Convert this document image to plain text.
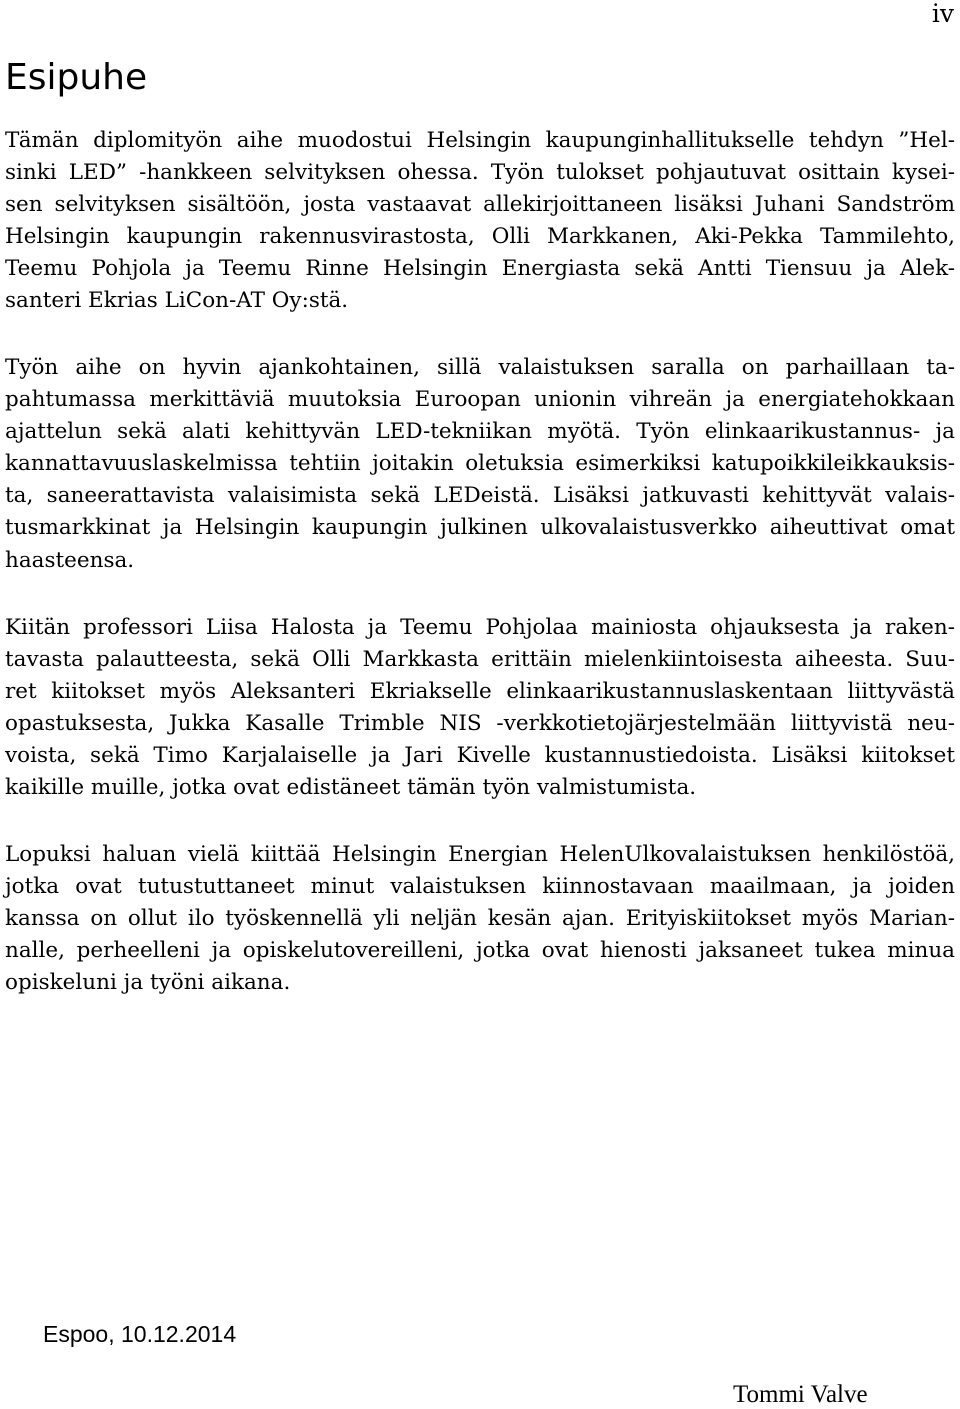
iv
Esipuhe
Tämän diplomityön aihe muodostui Helsingin kaupunginhallitukselle tehdyn ”Hel-
sinki LED” -hankkeen selvityksen ohessa. Työn tulokset pohjautuvat osittain kysei-
sen selvityksen sisältöön, josta vastaavat allekirjoittaneen lisäksi Juhani Sandström
Helsingin kaupungin rakennusvirastosta, Olli Markkanen, Aki-Pekka Tammilehto,
Teemu Pohjola ja Teemu Rinne Helsingin Energiasta sekä Antti Tiensuu ja Alek-
santeri Ekrias LiCon-AT Oy:stä.
Työn aihe on hyvin ajankohtainen, sillä valaistuksen saralla on parhaillaan ta-
pahtumassa merkittäviä muutoksia Euroopan unionin vihreän ja energiatehokkaan
ajattelun sekä alati kehittyvän LED-tekniikan myötä. Työn elinkaarikustannus- ja
kannattavuuslaskelmissa tehtiin joitakin oletuksia esimerkiksi katupoikkileikkauksis-
ta, saneerattavista valaisimista sekä LEDeistä. Lisäksi jatkuvasti kehittyvät valais-
tusmarkkinat ja Helsingin kaupungin julkinen ulkovalaistusverkko aiheuttivat omat
haasteensa.
Kiitän professori Liisa Halosta ja Teemu Pohjolaa mainiosta ohjauksesta ja raken-
tavasta palautteesta, sekä Olli Markkasta erittäin mielenkiintoisesta aiheesta. Suu-
ret kiitokset myös Aleksanteri Ekriakselle elinkaarikustannuslaskentaan liittyvästä
opastuksesta, Jukka Kasalle Trimble NIS -verkkotietojärjestelmään liittyvistä neu-
voista, sekä Timo Karjalaiselle ja Jari Kivelle kustannustiedoista. Lisäksi kiitokset
kaikille muille, jotka ovat edistäneet tämän työn valmistumista.
Lopuksi haluan vielä kiittää Helsingin Energian HelenUlkovalaistuksen henkilöstöä,
jotka ovat tutustuttaneet minut valaistuksen kiinnostavaan maailmaan, ja joiden
kanssa on ollut ilo työskennellä yli neljän kesän ajan. Erityiskiitokset myös Marian-
nalle, perheelleni ja opiskelutovereilleni, jotka ovat hienosti jaksaneet tukea minua
opiskeluni ja työni aikana.
Espoo, 10.12.2014
Tommi Valve
